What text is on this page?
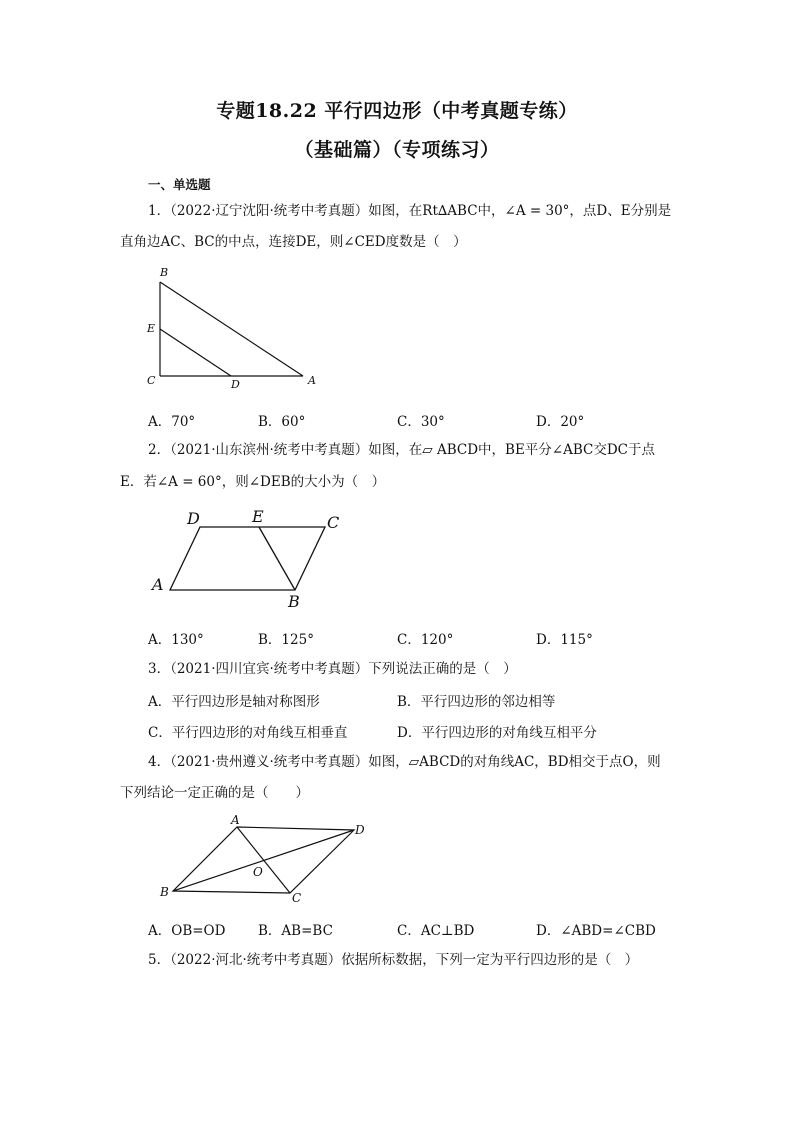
专题18.22 平行四边形（中考真题专练）
（基础篇）（专项练习）
一、单选题
1．（2022·辽宁沈阳·统考中考真题）如图，在Rt∆ABC中，∠A = 30°，点D、E分别是
直角边AC、BC的中点，连接DE，则∠CED度数是（　）
B
E
C	D	A
A．70°	B．60°	C．30°	D．20°
2．（2021·山东滨州·统考中考真题）如图，在▱ ABCD中，BE平分∠ABC交DC于点
E．若∠A = 60°，则∠DEB的大小为（　）
D	E	C
A
B
A．130°	B．125°	C．120°	D．115°
3．（2021·四川宜宾·统考中考真题）下列说法正确的是（　）
A．平行四边形是轴对称图形	B．平行四边形的邻边相等
C．平行四边形的对角线互相垂直	D．平行四边形的对角线互相平分
4．（2021·贵州遵义·统考中考真题）如图，▱ABCD的对角线AC，BD相交于点O，则
下列结论一定正确的是（　　）
A
D
O
B	C
A．OB=OD B．AB=BC	C．AC⊥BD	D．∠ABD=∠CBD
5．（2022·河北·统考中考真题）依据所标数据，下列一定为平行四边形的是（　）
